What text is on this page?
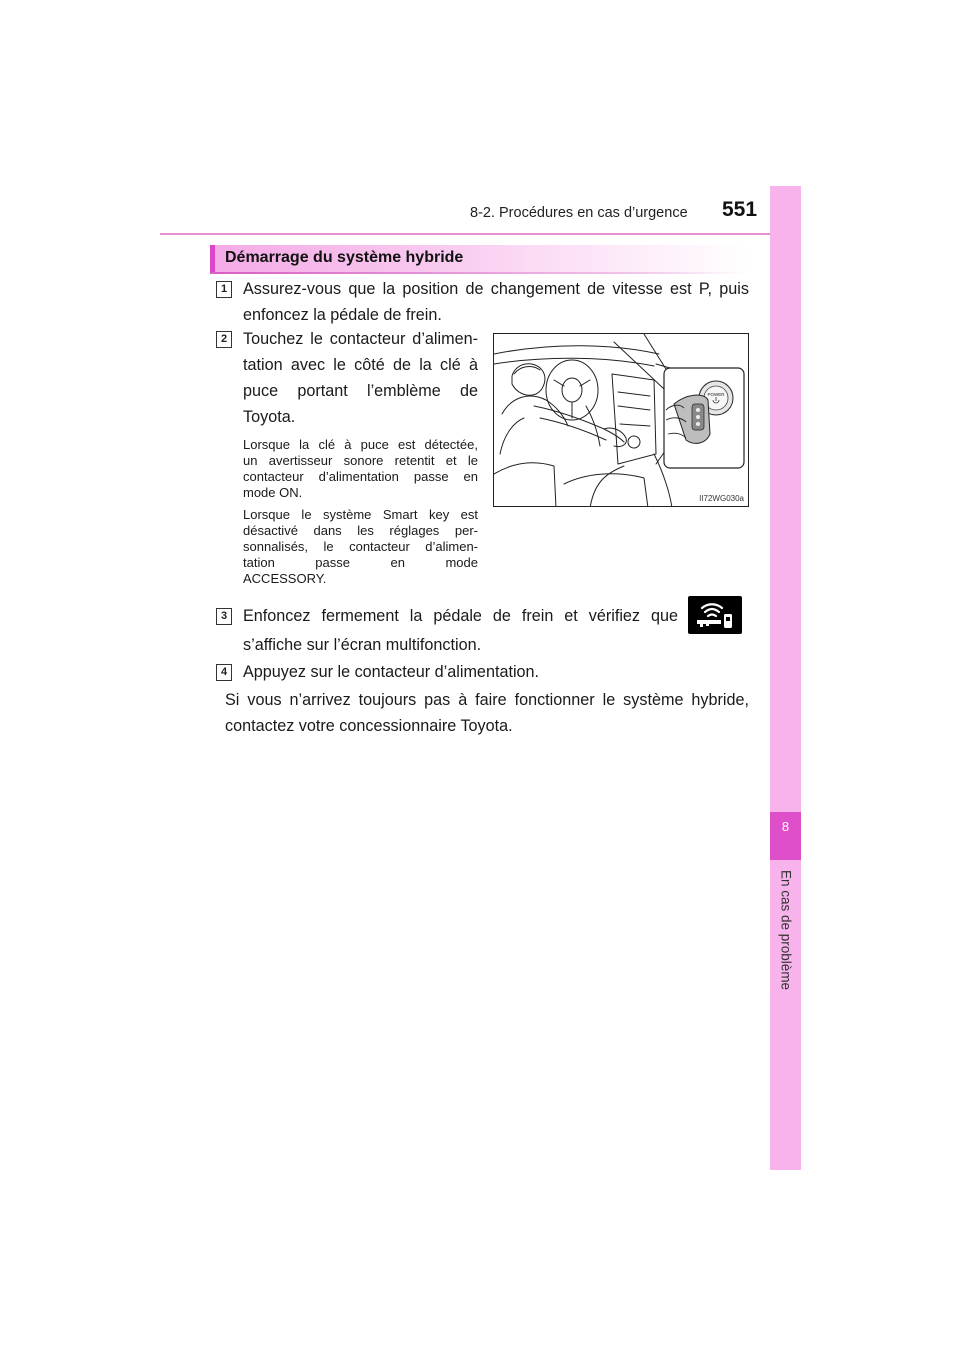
8-2. Procédures en cas d’urgence 551
8
En cas de problème
Démarrage du système hybride
1 Assurez-vous que la position de changement de vitesse est P, puis
enfoncez la pédale de frein.
2 Touchez le contacteur d’alimen-
tation avec le côté de la clé à
puce portant l’emblème de
Toyota.
Lorsque la clé à puce est détectée,
un avertisseur sonore retentit et le
contacteur d’alimentation passe en
mode ON.
Lorsque le système Smart key est
désactivé dans les réglages per-
sonnalisés, le contacteur d’alimen-
tation passe en mode
ACCESSORY.
POWER
II72WG030a
3 Enfoncez fermement la pédale de frein et vérifiez que
s’affiche sur l’écran multifonction.
4 Appuyez sur le contacteur d’alimentation.
Si vous n’arrivez toujours pas à faire fonctionner le système hybride,
contactez votre concessionnaire Toyota.
